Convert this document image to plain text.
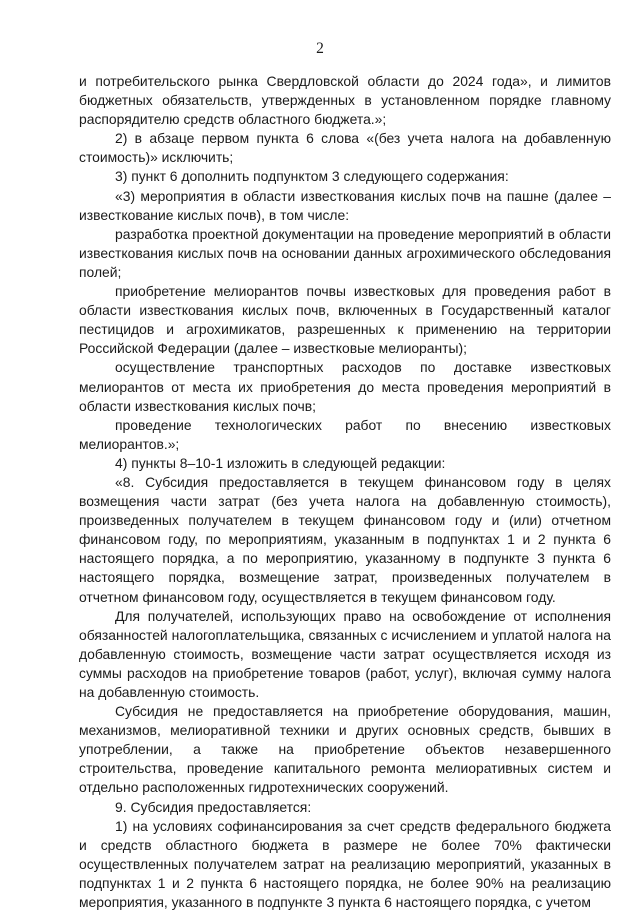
2

и потребительского рынка Свердловской области до 2024 года», и лимитов бюджетных обязательств, утвержденных в установленном порядке главному распорядителю средств областного бюджета.»;

2) в абзаце первом пункта 6 слова «(без учета налога на добавленную стоимость)» исключить;

3) пункт 6 дополнить подпунктом 3 следующего содержания:

«3) мероприятия в области известкования кислых почв на пашне (далее – известкование кислых почв), в том числе:

разработка проектной документации на проведение мероприятий в области известкования кислых почв на основании данных агрохимического обследования полей;

приобретение мелиорантов почвы известковых для проведения работ в области известкования кислых почв, включенных в Государственный каталог пестицидов и агрохимикатов, разрешенных к применению на территории Российской Федерации (далее – известковые мелиоранты);

осуществление транспортных расходов по доставке известковых мелиорантов от места их приобретения до места проведения мероприятий в области известкования кислых почв;

проведение технологических работ по внесению известковых мелиорантов.»;

4) пункты 8–10-1 изложить в следующей редакции:

«8. Субсидия предоставляется в текущем финансовом году в целях возмещения части затрат (без учета налога на добавленную стоимость), произведенных получателем в текущем финансовом году и (или) отчетном финансовом году, по мероприятиям, указанным в подпунктах 1 и 2 пункта 6 настоящего порядка, а по мероприятию, указанному в подпункте 3 пункта 6 настоящего порядка, возмещение затрат, произведенных получателем в отчетном финансовом году, осуществляется в текущем финансовом году.

Для получателей, использующих право на освобождение от исполнения обязанностей налогоплательщика, связанных с исчислением и уплатой налога на добавленную стоимость, возмещение части затрат осуществляется исходя из суммы расходов на приобретение товаров (работ, услуг), включая сумму налога на добавленную стоимость.

Субсидия не предоставляется на приобретение оборудования, машин, механизмов, мелиоративной техники и других основных средств, бывших в употреблении, а также на приобретение объектов незавершенного строительства, проведение капитального ремонта мелиоративных систем и отдельно расположенных гидротехнических сооружений.

9. Субсидия предоставляется:

1) на условиях софинансирования за счет средств федерального бюджета и средств областного бюджета в размере не более 70% фактически осуществленных получателем затрат на реализацию мероприятий, указанных в подпунктах 1 и 2 пункта 6 настоящего порядка, не более 90% на реализацию мероприятия, указанного в подпункте 3 пункта 6 настоящего порядка, с учетом
